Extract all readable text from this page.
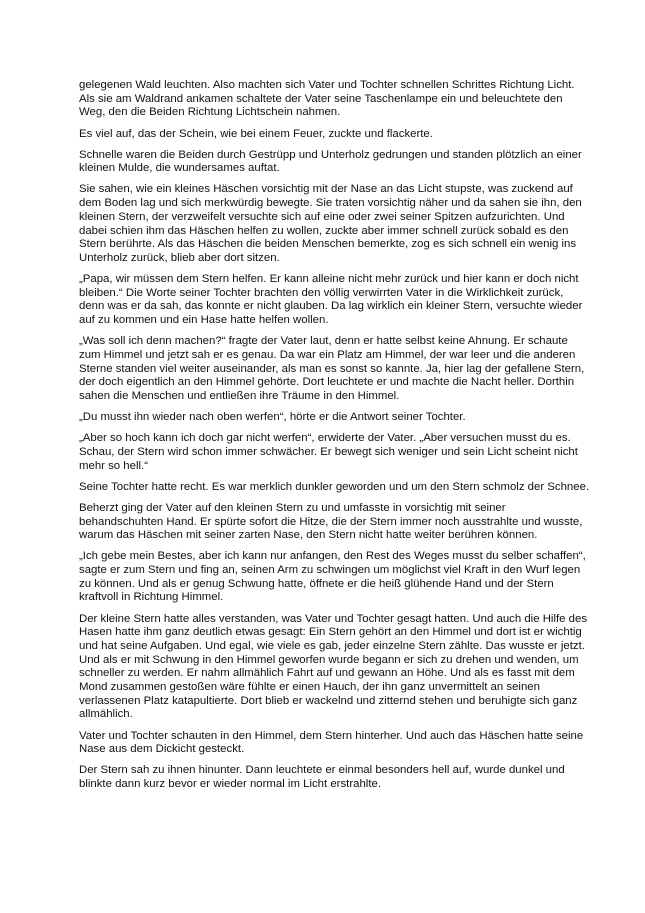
gelegenen Wald leuchten. Also machten sich Vater und Tochter schnellen Schrittes Richtung Licht. Als sie am Waldrand ankamen schaltete der Vater seine Taschenlampe ein und beleuchtete den Weg, den die Beiden Richtung Lichtschein nahmen.

Es viel auf, das der Schein, wie bei einem Feuer, zuckte und flackerte.

Schnelle waren die Beiden durch Gestrüpp und Unterholz gedrungen und standen plötzlich an einer kleinen Mulde, die wundersames auftat.

Sie sahen, wie ein kleines Häschen vorsichtig mit der Nase an das Licht stupste, was zuckend auf dem Boden lag und sich merkwürdig bewegte. Sie traten vorsichtig näher und da sahen sie ihn, den kleinen Stern, der verzweifelt versuchte sich auf eine oder zwei seiner Spitzen aufzurichten. Und dabei schien ihm das Häschen helfen zu wollen, zuckte aber immer schnell zurück sobald es den Stern berührte. Als das Häschen die beiden Menschen bemerkte, zog es sich schnell ein wenig ins Unterholz zurück, blieb aber dort sitzen.

„Papa, wir müssen dem Stern helfen. Er kann alleine nicht mehr zurück und hier kann er doch nicht bleiben.“ Die Worte seiner Tochter brachten den völlig verwirrten Vater in die Wirklichkeit zurück, denn was er da sah, das konnte er nicht glauben. Da lag wirklich ein kleiner Stern, versuchte wieder auf zu kommen und ein Hase hatte helfen wollen.

„Was soll ich denn machen?“ fragte der Vater laut, denn er hatte selbst keine Ahnung. Er schaute zum Himmel und jetzt sah er es genau. Da war ein Platz am Himmel, der war leer und die anderen Sterne standen viel weiter auseinander, als man es sonst so kannte. Ja, hier lag der gefallene Stern, der doch eigentlich an den Himmel gehörte. Dort leuchtete er und machte die Nacht heller. Dorthin sahen die Menschen und entließen ihre Träume in den Himmel.

„Du musst ihn wieder nach oben werfen“, hörte er die Antwort seiner Tochter.

„Aber so hoch kann ich doch gar nicht werfen“, erwiderte der Vater. „Aber versuchen musst du es. Schau, der Stern wird schon immer schwächer. Er bewegt sich weniger und sein Licht scheint nicht mehr so hell.“

Seine Tochter hatte recht. Es war merklich dunkler geworden und um den Stern schmolz der Schnee.

Beherzt ging der Vater auf den kleinen Stern zu und umfasste in vorsichtig mit seiner behandschuhten Hand. Er spürte sofort die Hitze, die der Stern immer noch ausstrahlte und wusste, warum das Häschen mit seiner zarten Nase, den Stern nicht hatte weiter berühren können.

„Ich gebe mein Bestes, aber ich kann nur anfangen, den Rest des Weges musst du selber schaffen“, sagte er zum Stern und fing an, seinen Arm zu schwingen um möglichst viel Kraft in den Wurf legen zu können. Und als er genug Schwung hatte, öffnete er die heiß glühende Hand und der Stern kraftvoll in Richtung Himmel.

Der kleine Stern hatte alles verstanden, was Vater und Tochter gesagt hatten. Und auch die Hilfe des Hasen hatte ihm ganz deutlich etwas gesagt: Ein Stern gehört an den Himmel und dort ist er wichtig und hat seine Aufgaben. Und egal, wie viele es gab, jeder einzelne Stern zählte. Das wusste er jetzt. Und als er mit Schwung in den Himmel geworfen wurde begann er sich zu drehen und wenden, um schneller zu werden. Er nahm allmählich Fahrt auf und gewann an Höhe. Und als es fasst mit dem Mond zusammen gestoßen wäre fühlte er einen Hauch, der ihn ganz unvermittelt an seinen verlassenen Platz katapultierte. Dort blieb er wackelnd und zitternd stehen und beruhigte sich ganz allmählich.

Vater und Tochter schauten in den Himmel, dem Stern hinterher. Und auch das Häschen hatte seine Nase aus dem Dickicht gesteckt.

Der Stern sah zu ihnen hinunter. Dann leuchtete er einmal besonders hell auf, wurde dunkel und blinkte dann kurz bevor er wieder normal im Licht erstrahlte.
